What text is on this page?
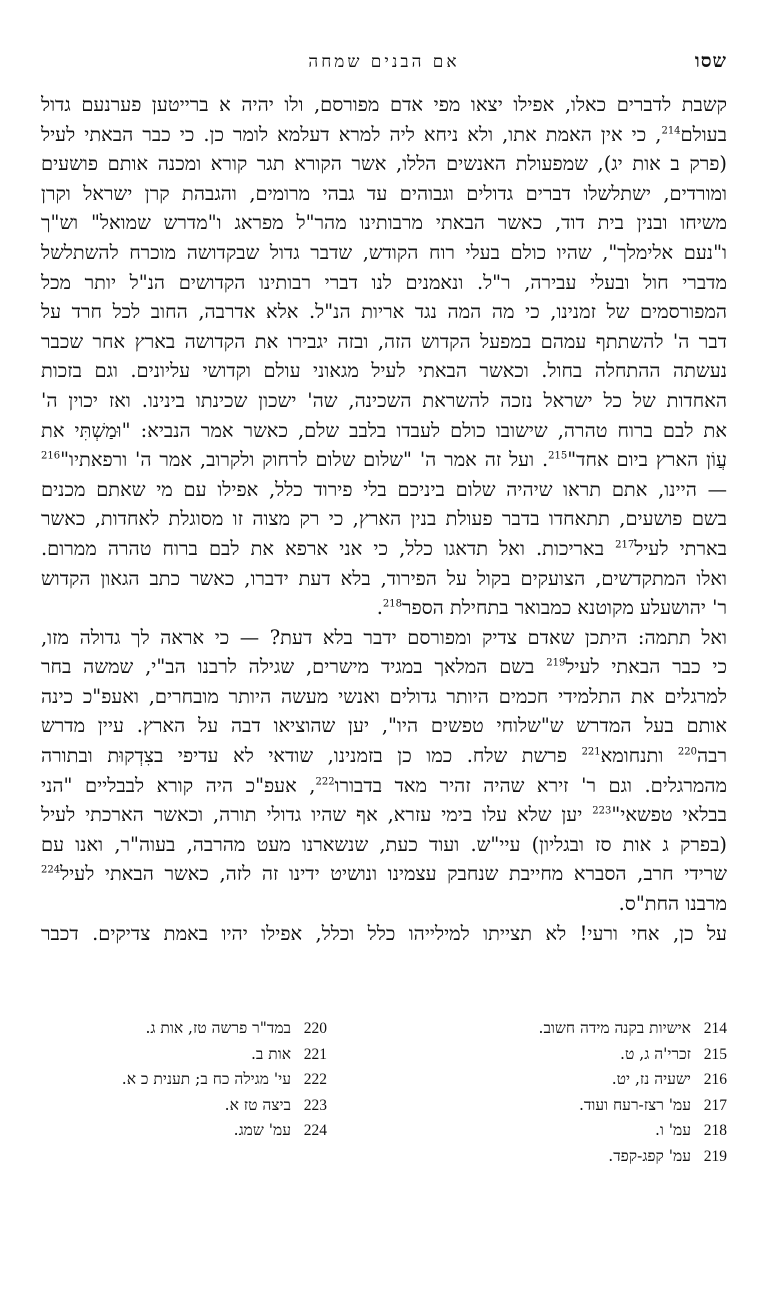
שסו
אם הבנים שמחה
קשבת לדברים כאלו, אפילו יצאו מפי אדם מפורסם, ולו יהיה א ברייטען פערנעם גדול
בעולם$^{214}$, כי אין האמת אתו, ולא ניחא ליה למרא דעלמא לומר כן. כי כבר הבאתי לעיל
(פרק ב אות יג), שמפעולת האנשים הללו, אשר הקורא תגר קורא ומכנה אותם פושעים
ומורדים, ישתלשלו דברים גדולים וגבוהים עד גבהי מרומים, והגבהת קרן ישראל וקרן
משיחו ובנין בית דוד, כאשר הבאתי מרבותינו מהר"ל מפראג ו"מדרש שמואל" וש"ך
ו"נעם אלימלך", שהיו כולם בעלי רוח הקודש, שדבר גדול שבקדושה מוכרח להשתלשל
מדברי חול ובעלי עבירה, ר"ל. ונאמנים לנו דברי רבותינו הקדושים הנ"ל יותר מכל
המפורסמים של זמנינו, כי מה המה נגד אריות הנ"ל. אלא אדרבה, החוב לכל חרד על
דבר ה' להשתתף עמהם במפעל הקדוש הזה, ובזה יגבירו את הקדושה בארץ אחר שכבר
נעשתה ההתחלה בחול. וכאשר הבאתי לעיל מגאוני עולם וקדושי עליונים. וגם בזכות
האחדות של כל ישראל נזכה להשראת השכינה, שה' ישכון שכינתו בינינו. ואז יכוין ה'
את לבם ברוח טהרה, שישובו כולם לעבדו בלבב שלם, כאשר אמר הנביא: "וּמַשְׁתִּי את
עֲוֹן הארץ ביום אחד"$^{215}$. ועל זה אמר ה' "שלום שלום לרחוק ולקרוב, אמר ה' ורפאתיו"$^{216}$
— היינו, אתם תראו שיהיה שלום ביניכם בלי פירוד כלל, אפילו עם מי שאתם מכנים
בשם פושעים, תתאחדו בדבר פעולת בנין הארץ, כי רק מצוה זו מסוגלת לאחדות, כאשר
בארתי לעיל$^{217}$ באריכות. ואל תדאגו כלל, כי אני ארפא את לבם ברוח טהרה ממרום.
ואלו המתקדשים, הצועקים בקול על הפירוד, בלא דעת ידברו, כאשר כתב הגאון הקדוש
ר' יהושעלע מקוטנא כמבואר בתחילת הספר$^{218}$.
ואל תתמה: היתכן שאדם צדיק ומפורסם ידבר בלא דעת? — כי אראה לך גדולה מזו,
כי כבר הבאתי לעיל$^{219}$ בשם המלאך במגיד מישרים, שגילה לרבנו הב"י, שמשה בחר
למרגלים את התלמידי חכמים היותר גדולים ואנשי מעשה היותר מובחרים, ואעפ"כ כינה
אותם בעל המדרש ש"שלוחי טפשים היו", יען שהוציאו דבה על הארץ. עיין מדרש
רבה$^{220}$ ותנחומא$^{221}$ פרשת שלח. כמו כן בזמנינו, שודאי לא עדיפי בצִדְקוּת ובתורה
מהמרגלים. וגם ר' זירא שהיה זהיר מאד בדבורו$^{222}$, אעפ"כ היה קורא לבבליים "הני
בבלאי טפשאי"$^{223}$ יען שלא עלו בימי עזרא, אף שהיו גדולי תורה, וכאשר הארכתי לעיל
(בפרק ג אות סז ובגליון) עיי"ש. ועוד כעת, שנשארנו מעט מהרבה, בעוה"ר, ואנו עם
שרידי חרב, הסברא מחייבת שנחבק עצמינו ונושיט ידינו זה לזה, כאשר הבאתי לעיל$^{224}$
מרבנו החת"ס.
על כן, אחי ורעי! לא תצייתו למילייהו כלל וכלל, אפילו יהיו באמת צדיקים. דכבר
214אישיות בקנה מידה חשוב.
215זכרי'ה ג, ט.
216ישעיה נז, יט.
217עמ' רצז-רעח ועוד.
218עמ' ו.
219עמ' קפג-קפד.
220במד"ר פרשה טז, אות ג.
221אות ב.
222עי' מגילה כח ב; תענית כ א.
223ביצה טז א.
224עמ' שמג.
